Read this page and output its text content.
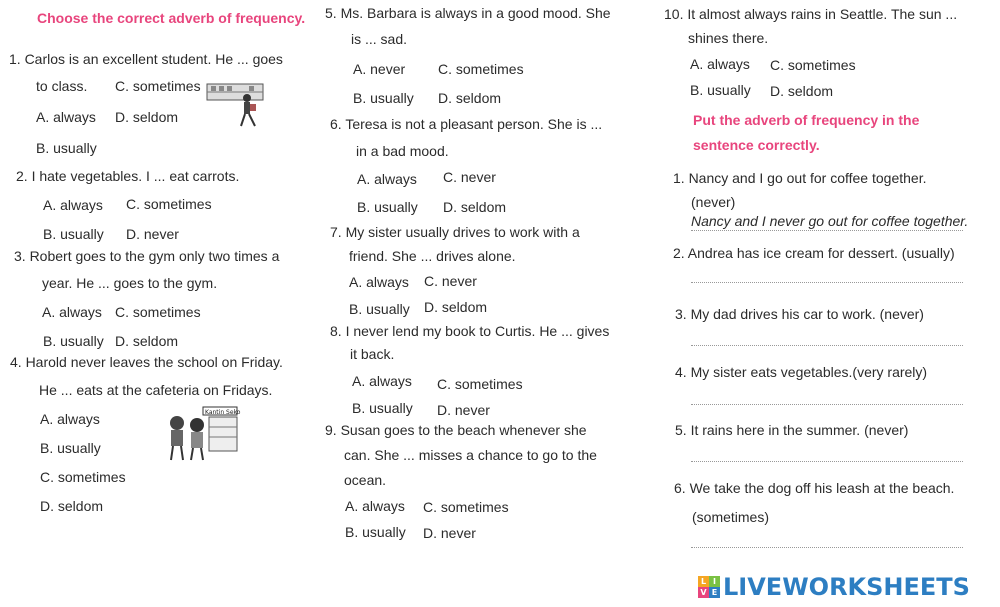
Choose the correct adverb of frequency.
1. Carlos is an excellent student. He ... goes
to class. C. sometimes
A. always D. seldom
B. usually
2. I hate vegetables. I ... eat carrots.
A. always C. sometimes
B. usually D. never
3. Robert goes to the gym only two times a
year. He ... goes to the gym.
A. always C. sometimes
B. usually D. seldom
4. Harold never leaves the school on Friday.
He ... eats at the cafeteria on Fridays.
A. always
B. usually
C. sometimes
D. seldom
Kantin Seko
5. Ms. Barbara is always in a good mood. She
is ... sad.
A. never C. sometimes
B. usually D. seldom
6. Teresa is not a pleasant person. She is ...
in a bad mood.
A. always C. never
B. usually D. seldom
7. My sister usually drives to work with a
friend. She ... drives alone.
A. always C. never
B. usually D. seldom
8. I never lend my book to Curtis. He ... gives
it back.
A. always C. sometimes
B. usually D. never
9. Susan goes to the beach whenever she
can. She ... misses a chance to go to the
ocean.
A. always C. sometimes
B. usually D. never
10. It almost always rains in Seattle. The sun ...
shines there.
A. always C. sometimes
B. usually D. seldom
Put the adverb of frequency in the
sentence correctly.
1. Nancy and I go out for coffee together.
(never)
Nancy and I never go out for coffee together.
2. Andrea has ice cream for dessert. (usually)
3. My dad drives his car to work. (never)
4. My sister eats vegetables.(very rarely)
5. It rains here in the summer. (never)
6. We take the dog off his leash at the beach.
(sometimes)
L I
V E LIVEWORKSHEETS
